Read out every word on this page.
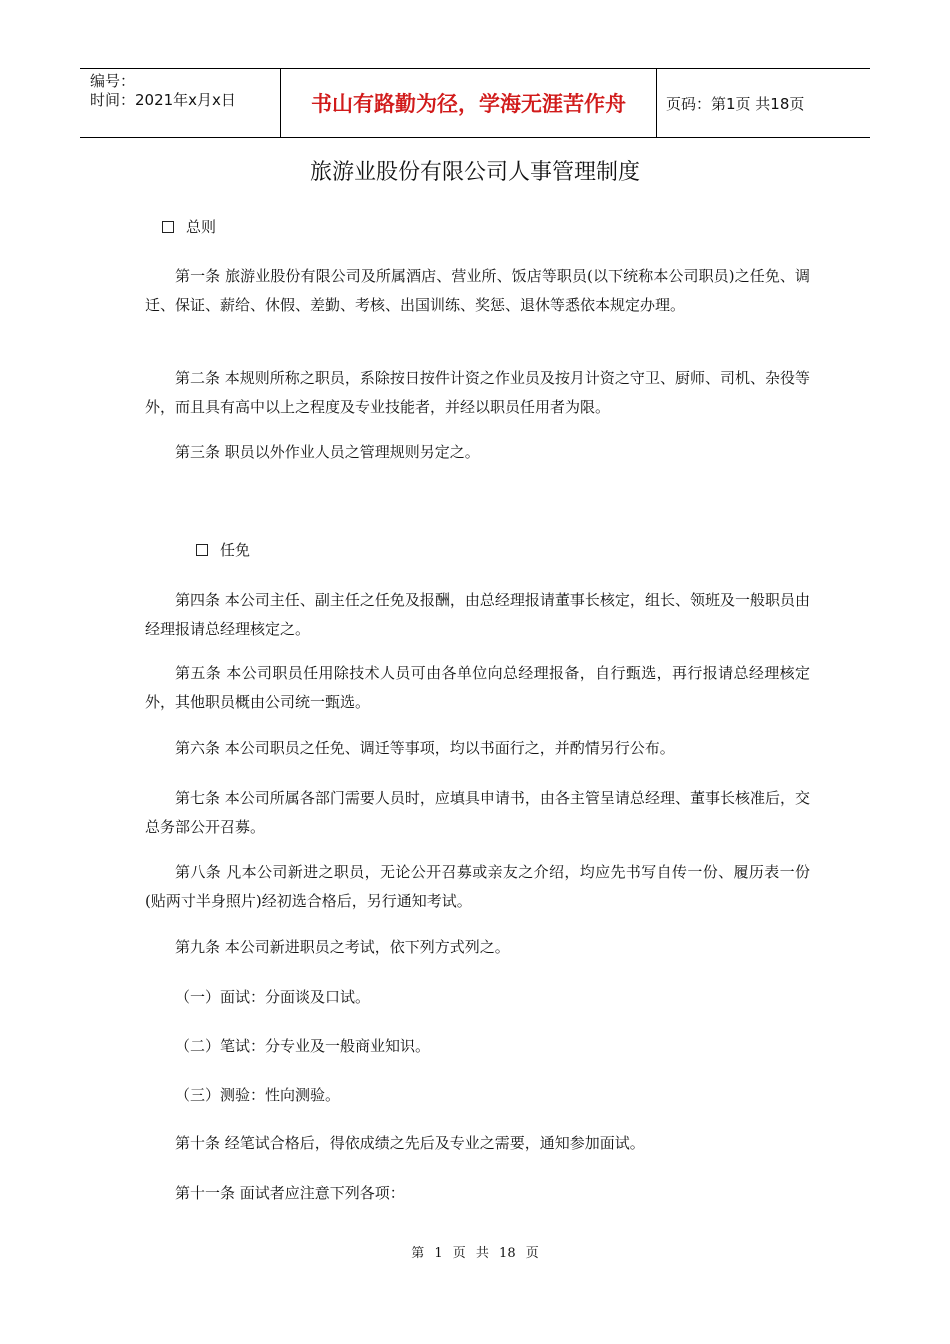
编号：
时间：2021年x月x日	书山有路勤为径，学海无涯苦作舟	页码：第1页 共18页
旅游业股份有限公司人事管理制度
总则
第一条 旅游业股份有限公司及所属酒店、营业所、饭店等职员(以下统称本公司职员)之任免、调迁、保证、薪给、休假、差勤、考核、出国训练、奖惩、退休等悉依本规定办理。
第二条 本规则所称之职员，系除按日按件计资之作业员及按月计资之守卫、厨师、司机、杂役等外，而且具有高中以上之程度及专业技能者，并经以职员任用者为限。
第三条 职员以外作业人员之管理规则另定之。
任免
第四条 本公司主任、副主任之任免及报酬，由总经理报请董事长核定，组长、领班及一般职员由经理报请总经理核定之。
第五条 本公司职员任用除技术人员可由各单位向总经理报备，自行甄选，再行报请总经理核定外，其他职员概由公司统一甄选。
第六条 本公司职员之任免、调迁等事项，均以书面行之，并酌情另行公布。
第七条 本公司所属各部门需要人员时，应填具申请书，由各主管呈请总经理、董事长核准后，交总务部公开召募。
第八条 凡本公司新进之职员，无论公开召募或亲友之介绍，均应先书写自传一份、履历表一份(贴两寸半身照片)经初选合格后，另行通知考试。
第九条 本公司新进职员之考试，依下列方式列之。
（一）面试：分面谈及口试。
（二）笔试：分专业及一般商业知识。
（三）测验：性向测验。
第十条 经笔试合格后，得依成绩之先后及专业之需要，通知参加面试。
第十一条 面试者应注意下列各项：
第 1 页 共 18 页
